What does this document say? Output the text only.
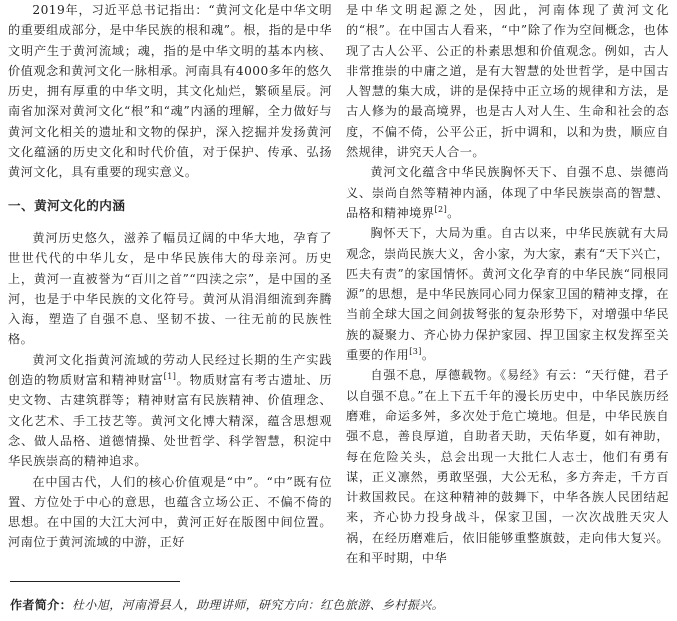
2019年，习近平总书记指出：“黄河文化是中华文明的重要组成部分，是中华民族的根和魂”。根，指的是中华文明产生于黄河流域；魂，指的是中华文明的基本内核、价值观念和黄河文化一脉相承。河南具有4000多年的悠久历史，拥有厚重的中华文明，其文化灿烂，繁硕星辰。河南省加深对黄河文化“根”和“魂”内涵的理解，全力做好与黄河文化相关的遗址和文物的保护，深入挖掘并发扬黄河文化蕴涵的历史文化和时代价值，对于保护、传承、弘扬黄河文化，具有重要的现实意义。

一、黄河文化的内涵

黄河历史悠久，滋养了幅员辽阔的中华大地，孕育了世世代代的中华儿女，是中华民族伟大的母亲河。历史上，黄河一直被誉为“百川之首”“四渎之宗”，是中国的圣河，也是于中华民族的文化符号。黄河从涓涓细流到奔腾入海，塑造了自强不息、坚韧不拔、一往无前的民族性格。

黄河文化指黄河流域的劳动人民经过长期的生产实践创造的物质财富和精神财富[1]。物质财富有考古遗址、历史文物、古建筑群等；精神财富有民族精神、价值理念、文化艺术、手工技艺等。黄河文化博大精深，蕴含思想观念、做人品格、道德情操、处世哲学、科学智慧，积淀中华民族崇高的精神追求。

在中国古代，人们的核心价值观是“中”。“中”既有位置、方位处于中心的意思，也蕴含立场公正、不偏不倚的思想。在中国的大江大河中，黄河正好在版图中间位置。河南位于黄河流域的中游，正好

是中华文明起源之处，因此，河南体现了黄河文化的“根”。在中国古人看来，“中”除了作为空间概念，也体现了古人公平、公正的朴素思想和价值观念。例如，古人非常推崇的中庸之道，是有大智慧的处世哲学，是中国古人智慧的集大成，讲的是保持中正立场的规律和方法，是古人修为的最高境界，也是古人对人生、生命和社会的态度，不偏不倚，公平公正，折中调和，以和为贵，顺应自然规律，讲究天人合一。

黄河文化蕴含中华民族胸怀天下、自强不息、崇德尚义、崇尚自然等精神内涵，体现了中华民族崇高的智慧、品格和精神境界[2]。

胸怀天下，大局为重。自古以来，中华民族就有大局观念，崇尚民族大义，舍小家，为大家，素有“天下兴亡，匹夫有责”的家国情怀。黄河文化孕育的中华民族“同根同源”的思想，是中华民族同心同力保家卫国的精神支撑，在当前全球大国之间剑拔弩张的复杂形势下，对增强中华民族的凝聚力、齐心协力保护家园、捍卫国家主权发挥至关重要的作用[3]。

自强不息，厚德载物。《易经》有云：“天行健，君子以自强不息。”在上下五千年的漫长历史中，中华民族历经磨难，命运多舛，多次处于危亡境地。但是，中华民族自强不息，善良厚道，自助者天助，天佑华夏，如有神助，每在危险关头，总会出现一大批仁人志士，他们有勇有谋，正义凛然，勇敢坚强，大公无私，多方奔走，千方百计救国救民。在这种精神的鼓舞下，中华各族人民团结起来，齐心协力投身战斗，保家卫国，一次次战胜天灾人祸，在经历磨难后，依旧能够重整旗鼓，走向伟大复兴。在和平时期，中华

作者简介：杜小旭，河南滑县人，助理讲师，研究方向：红色旅游、乡村振兴。
